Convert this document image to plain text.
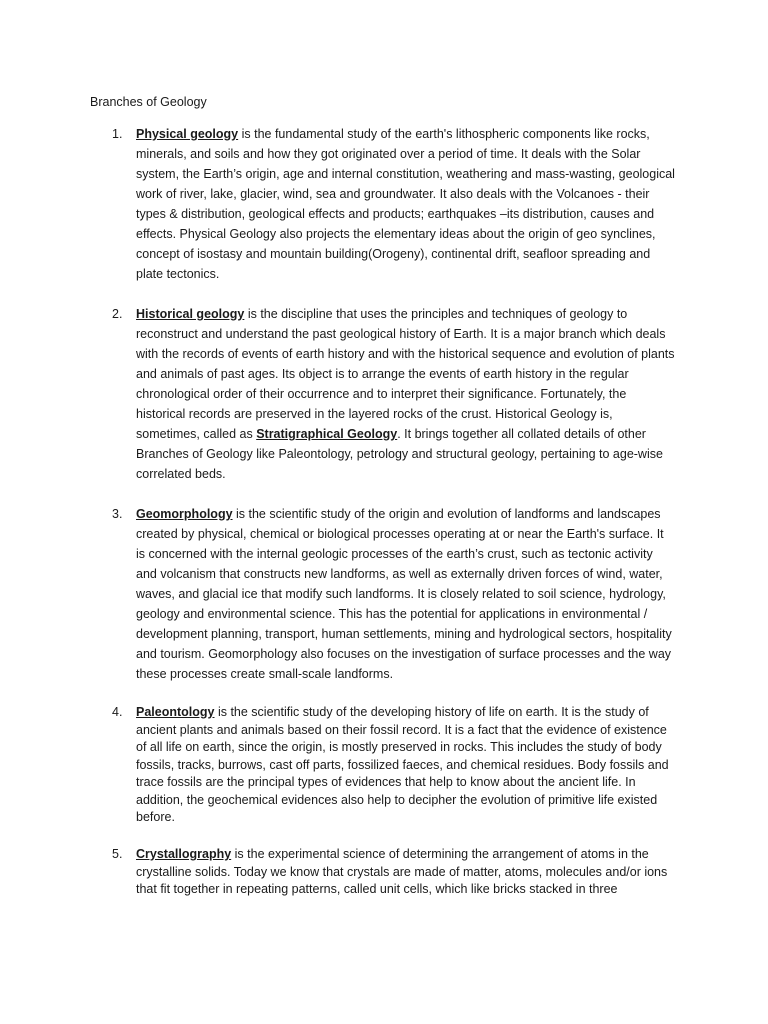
Branches of Geology

1.	Physical geology is the fundamental study of the earth's lithospheric components like rocks, minerals, and soils and how they got originated over a period of time. It deals with the Solar system, the Earth’s origin, age and internal constitution, weathering and mass-wasting, geological work of river, lake, glacier, wind, sea and groundwater. It also deals with the Volcanoes - their types & distribution, geological effects and products; earthquakes –its distribution, causes and effects. Physical Geology also projects the elementary ideas about the origin of geo synclines, concept of isostasy and mountain building(Orogeny), continental drift, seafloor spreading and plate tectonics.

2.	Historical geology is the discipline that uses the principles and techniques of geology to reconstruct and understand the past geological history of Earth. It is a major branch which deals with the records of events of earth history and with the historical sequence and evolution of plants and animals of past ages. Its object is to arrange the events of earth history in the regular chronological order of their occurrence and to interpret their significance. Fortunately, the historical records are preserved in the layered rocks of the crust. Historical Geology is, sometimes, called as Stratigraphical Geology. It brings together all collated details of other Branches of Geology like Paleontology, petrology and structural geology, pertaining to age-wise correlated beds.

3.	Geomorphology is the scientific study of the origin and evolution of landforms and landscapes created by physical, chemical or biological processes operating at or near the Earth's surface. It is concerned with the internal geologic processes of the earth’s crust, such as tectonic activity and volcanism that constructs new landforms, as well as externally driven forces of wind, water, waves, and glacial ice that modify such landforms. It is closely related to soil science, hydrology, geology and environmental science. This has the potential for applications in environmental / development planning, transport, human settlements, mining and hydrological sectors, hospitality and tourism. Geomorphology also focuses on the investigation of surface processes and the way these processes create small-scale landforms.

4.	Paleontology is the scientific study of the developing history of life on earth. It is the study of ancient plants and animals based on their fossil record. It is a fact that the evidence of existence of all life on earth, since the origin, is mostly preserved in rocks. This includes the study of body fossils, tracks, burrows, cast off parts, fossilized faeces, and chemical residues. Body fossils and trace fossils are the principal types of evidences that help to know about the ancient life. In addition, the geochemical evidences also help to decipher the evolution of primitive life existed before.

5.	Crystallography is the experimental science of determining the arrangement of atoms in the crystalline solids. Today we know that crystals are made of matter, atoms, molecules and/or ions that fit together in repeating patterns, called unit cells, which like bricks stacked in three
